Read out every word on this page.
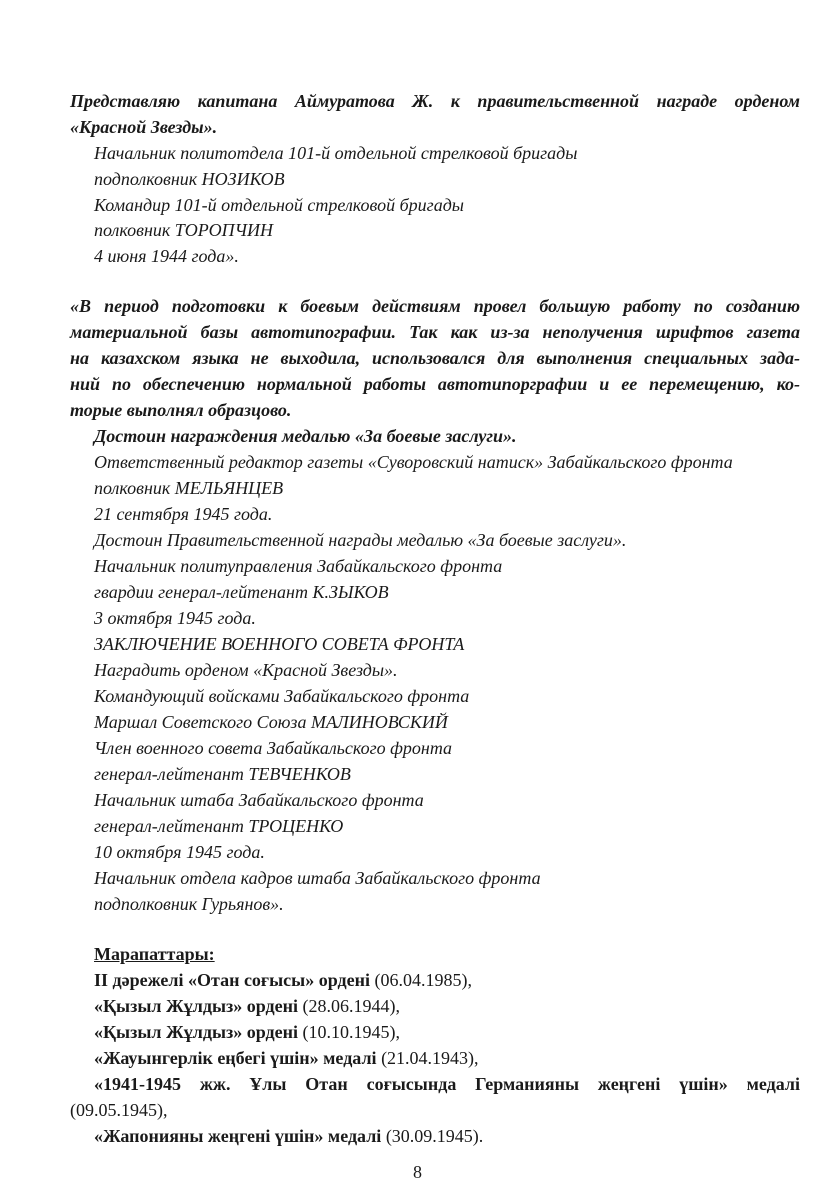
Представляю капитана Аймуратова Ж. к правительственной награде орденом
«Красной Звезды».
Начальник политотдела 101-й отдельной стрелковой бригады
подполковник НОЗИКОВ
Командир 101-й отдельной стрелковой бригады
полковник ТОРОПЧИН
4 июня 1944 года».
«В период подготовки к боевым действиям провел большую работу по созданию
материальной базы автотипографии. Так как из-за неполучения шрифтов газета
на казахском языка не выходила, использовался для выполнения специальных зада-
ний по обеспечению нормальной работы автотипорграфии и ее перемещению, ко-
торые выполнял образцово.
Достоин награждения медалью «За боевые заслуги».
Ответственный редактор газеты «Суворовский натиск» Забайкальского фронта
полковник МЕЛЬЯНЦЕВ
21 сентября 1945 года.
Достоин Правительственной награды медалью «За боевые заслуги».
Начальник политуправления Забайкальского фронта
гвардии генерал-лейтенант К.ЗЫКОВ
3 октября 1945 года.
ЗАКЛЮЧЕНИЕ ВОЕННОГО СОВЕТА ФРОНТА
Наградить орденом «Красной Звезды».
Командующий войсками Забайкальского фронта
Маршал Советского Союза МАЛИНОВСКИЙ
Член военного совета Забайкальского фронта
генерал-лейтенант ТЕВЧЕНКОВ
Начальник штаба Забайкальского фронта
генерал-лейтенант ТРОЦЕНКО
10 октября 1945 года.
Начальник отдела кадров штаба Забайкальского фронта
подполковник Гурьянов».
Марапаттары:
II дәрежелі «Отан соғысы» ордені (06.04.1985),
«Қызыл Жұлдыз» ордені (28.06.1944),
«Қызыл Жұлдыз» ордені (10.10.1945),
«Жауынгерлік еңбегі үшін» медалі (21.04.1943),
«1941-1945 жж. Ұлы Отан соғысында Германияны жеңгені үшін» медалі
(09.05.1945),
«Жапонияны жеңгені үшін» медалі (30.09.1945).
8
